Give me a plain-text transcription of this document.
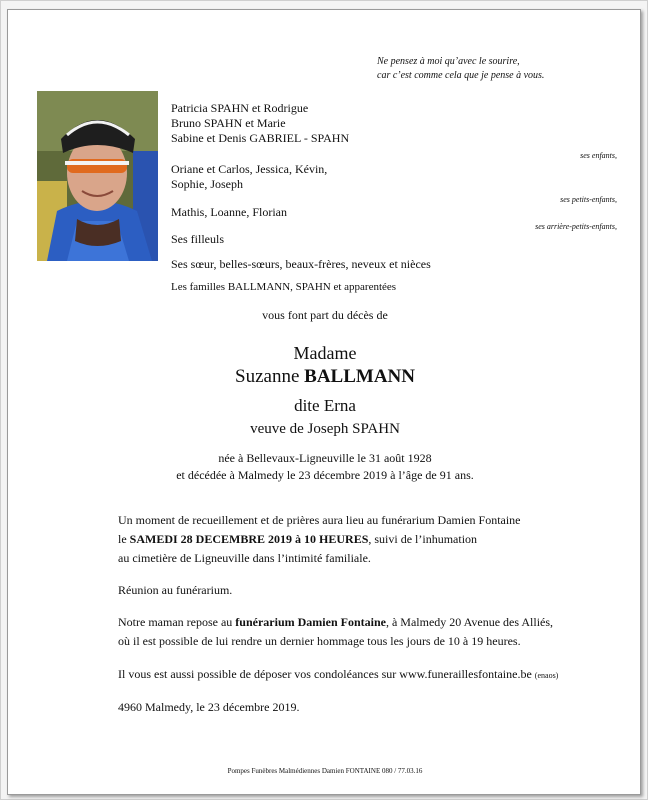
Ne pensez à moi qu’avec le sourire,
car c’est comme cela que je pense à vous.
Patricia SPAHN et Rodrigue
Bruno SPAHN et Marie
Sabine et Denis GABRIEL - SPAHN
ses enfants,
Oriane et Carlos, Jessica, Kévin,
Sophie, Joseph
ses petits-enfants,
Mathis, Loanne, Florian
ses arrière-petits-enfants,
Ses filleuls
Ses sœur, belles-sœurs, beaux-frères, neveux et nièces
Les familles BALLMANN, SPAHN et apparentées
vous font part du décès de
Madame
Suzanne BALLMANN
dite Erna
veuve de Joseph SPAHN
née à Bellevaux-Ligneuville le 31 août 1928
et décédée à Malmedy le 23 décembre 2019 à l’âge de 91 ans.
Un moment de recueillement et de prières aura lieu au funérarium Damien Fontaine
le SAMEDI 28 DECEMBRE 2019 à 10 HEURES, suivi de l’inhumation
au cimetière de Ligneuville dans l’intimité familiale.
Réunion au funérarium.
Notre maman repose au funérarium Damien Fontaine, à Malmedy 20 Avenue des Alliés,
où il est possible de lui rendre un dernier hommage tous les jours de 10 à 19 heures.
Il vous est aussi possible de déposer vos condoléances sur www.funeraillesfontaine.be (enaos)
4960 Malmedy, le 23 décembre 2019.
Pompes Funèbres Malmédiennes Damien FONTAINE 080 / 77.03.16
